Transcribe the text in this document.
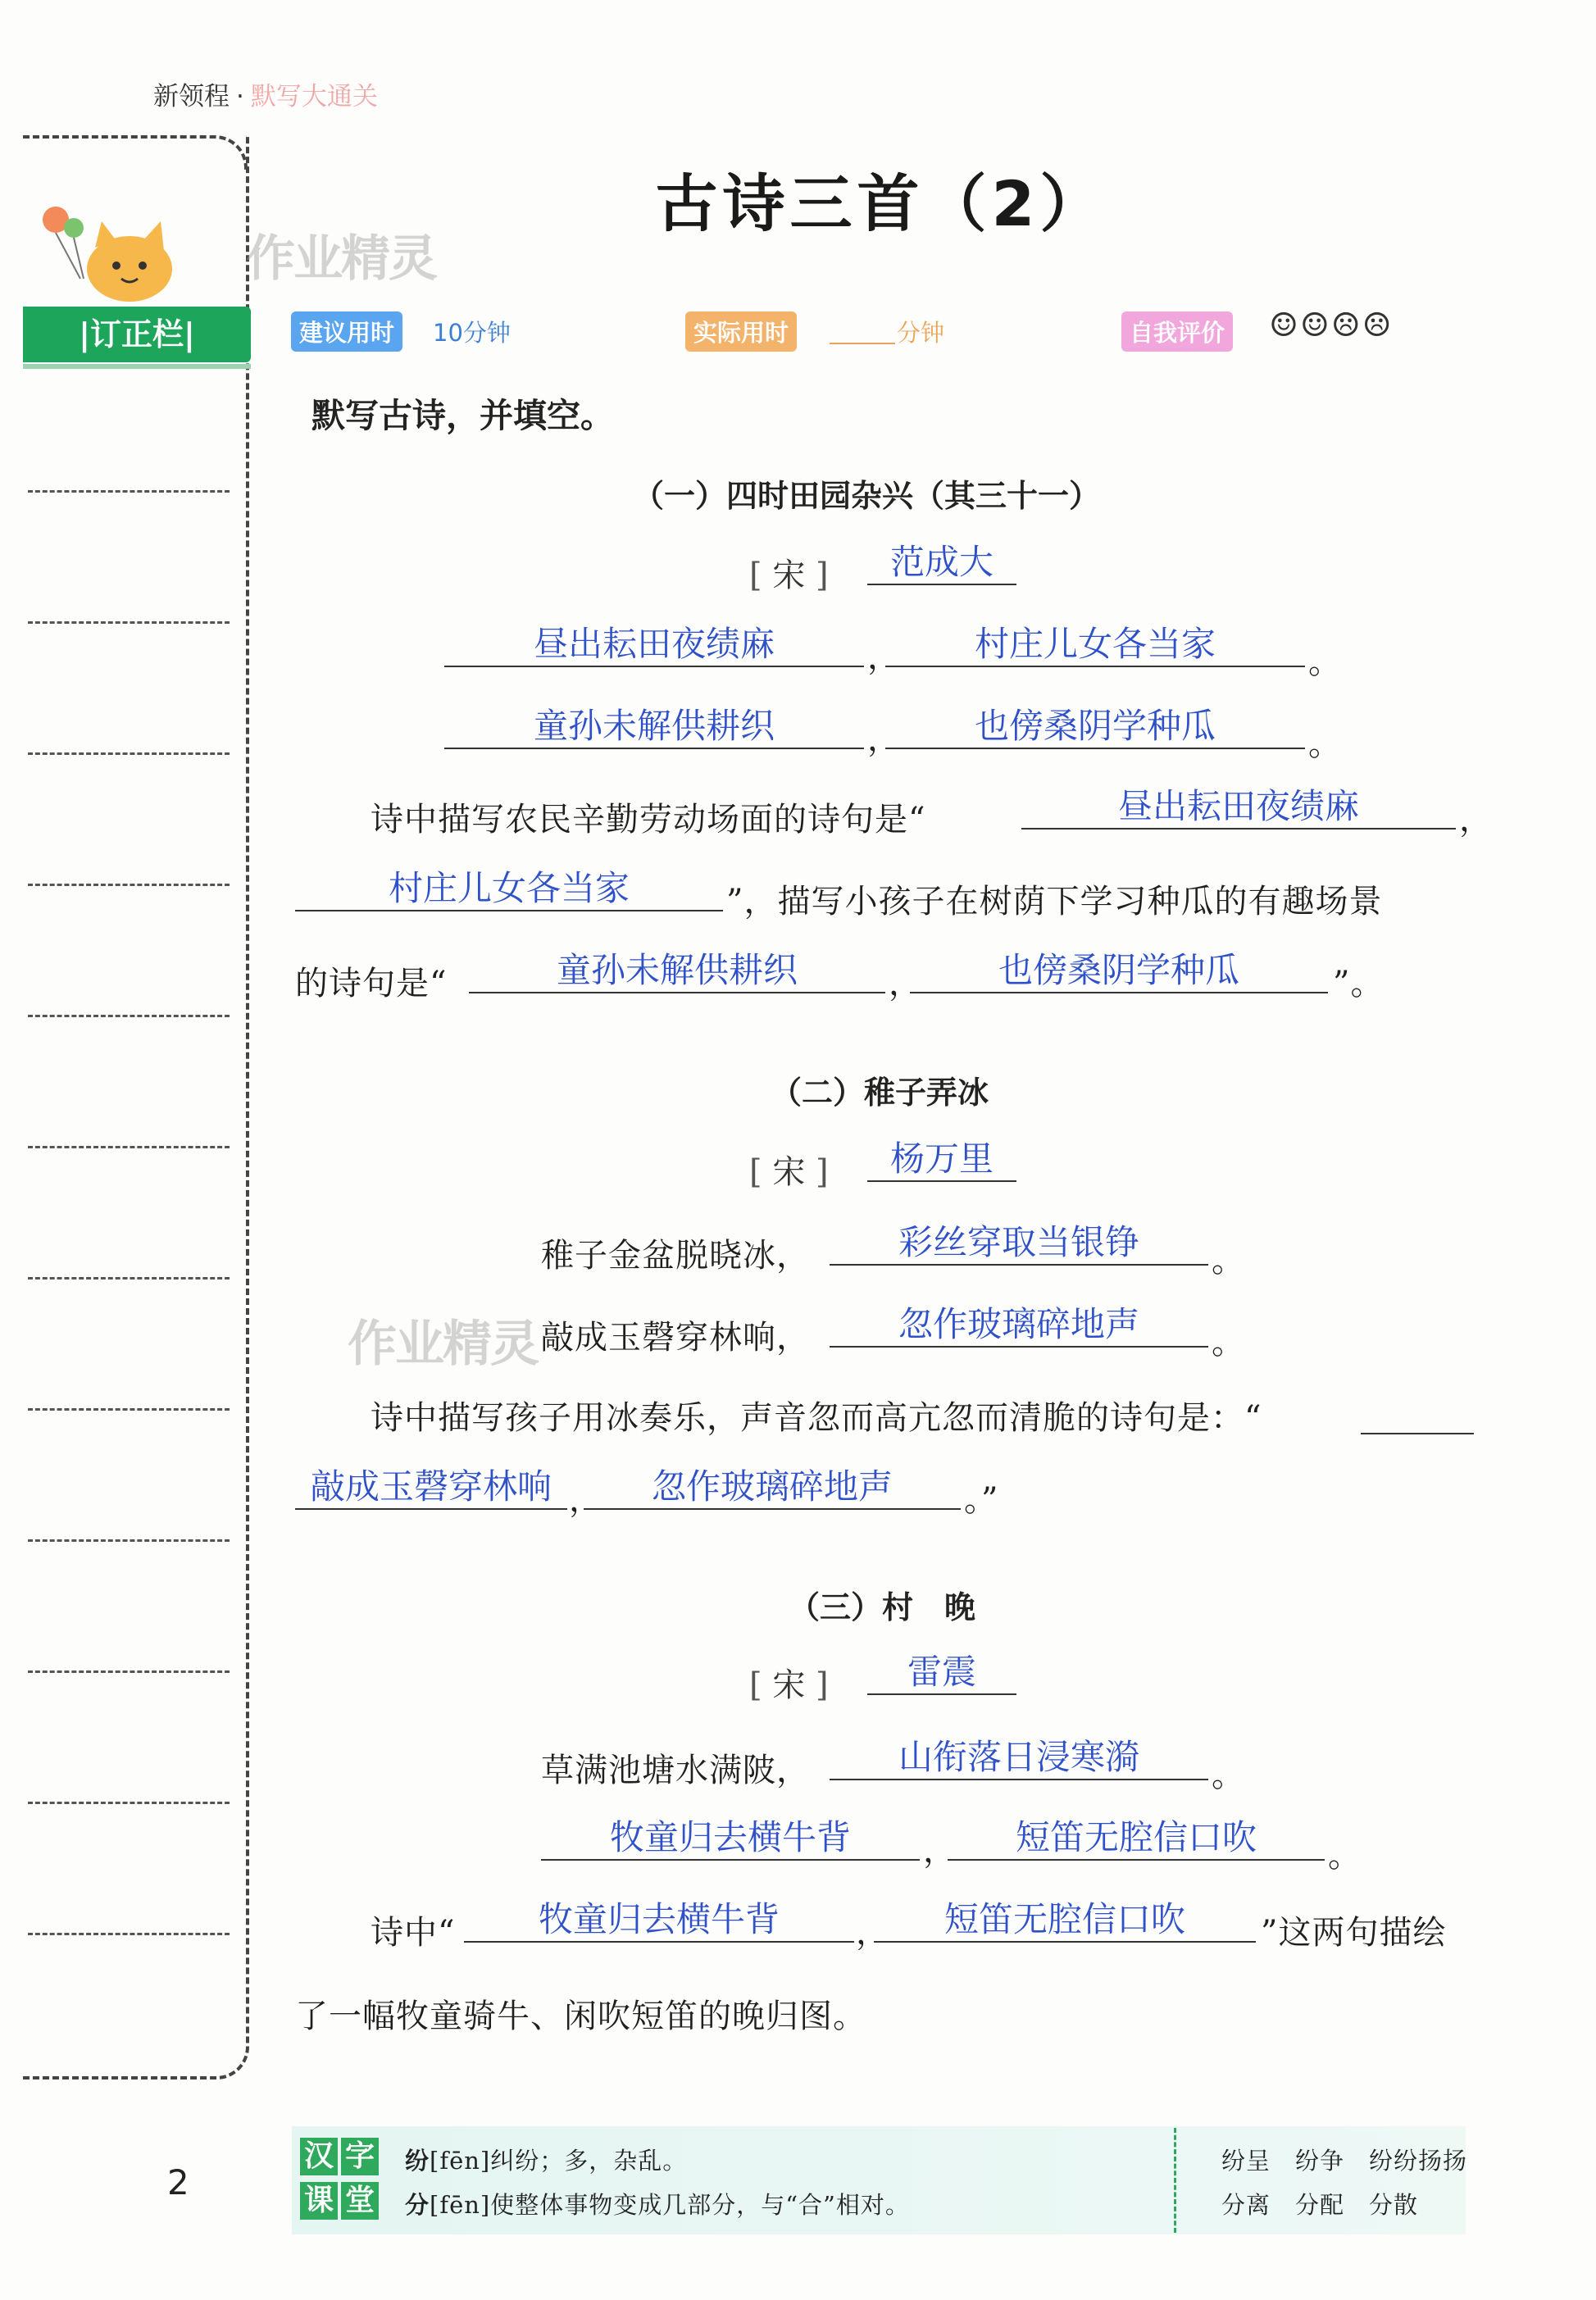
新领程 · 默写大通关
|订正栏|
作业精灵
作业精灵
古诗三首（2）
建议用时	10分钟	实际用时	分钟	自我评价 ☺☺☹☹
默写古诗，并填空。
（一）四时田园杂兴（其三十一）
[ 宋 ]	范成大
昼出耘田夜绩麻	，	村庄儿女各当家	。
童孙未解供耕织	，	也傍桑阴学种瓜	。
诗中描写农民辛勤劳动场面的诗句是“	昼出耘田夜绩麻	，
村庄儿女各当家	”，描写小孩子在树荫下学习种瓜的有趣场景
的诗句是“	童孙未解供耕织	，	也傍桑阴学种瓜	”。
（二）稚子弄冰
[ 宋 ]	杨万里
稚子金盆脱晓冰，	彩丝穿取当银铮	。
敲成玉磬穿林响，	忽作玻璃碎地声	。
诗中描写孩子用冰奏乐，声音忽而高亢忽而清脆的诗句是：“
敲成玉磬穿林响 ，	忽作玻璃碎地声	。”
（三）村　晚
[ 宋 ]	雷震
草满池塘水满陂，	山衔落日浸寒漪	。
牧童归去横牛背	，	短笛无腔信口吹	。
诗中“	牧童归去横牛背	，	短笛无腔信口吹	”这两句描绘
了一幅牧童骑牛、闲吹短笛的晚归图。
2
汉 字
课 堂
纷[fēn]纠纷；多，杂乱。
分[fēn]使整体事物变成几部分，与“合”相对。
纷呈　纷争　纷纷扬扬
分离　分配　分散
